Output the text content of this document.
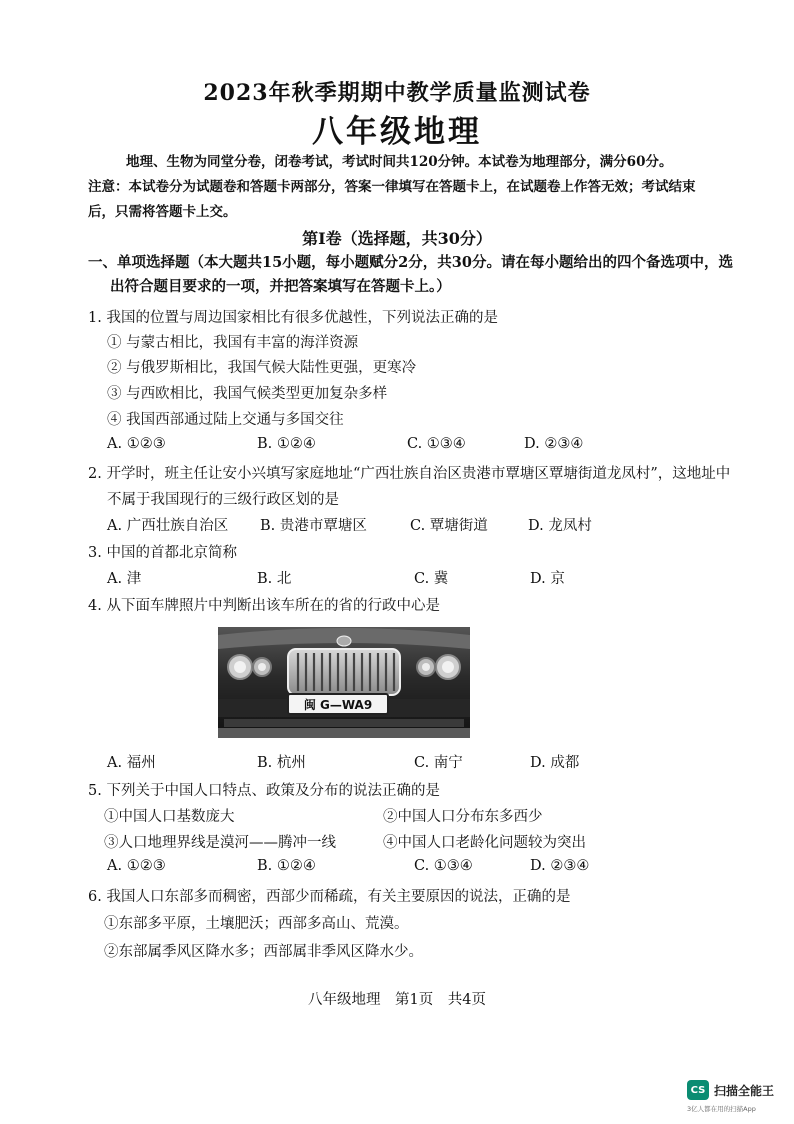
2023年秋季期期中教学质量监测试卷
八年级地理
地理、生物为同堂分卷，闭卷考试，考试时间共120分钟。本试卷为地理部分，满分60分。
注意：本试卷分为试题卷和答题卡两部分，答案一律填写在答题卡上，在试题卷上作答无效；考试结束
后，只需将答题卡上交。
第Ⅰ卷（选择题，共30分）
一、单项选择题（本大题共15小题，每小题赋分2分，共30分。请在每小题给出的四个备选项中，选
出符合题目要求的一项，并把答案填写在答题卡上。）
1. 我国的位置与周边国家相比有很多优越性，下列说法正确的是
① 与蒙古相比，我国有丰富的海洋资源
② 与俄罗斯相比，我国气候大陆性更强，更寒冷
③ 与西欧相比，我国气候类型更加复杂多样
④ 我国西部通过陆上交通与多国交往
A. ①②③	B. ①②④	C. ①③④	D. ②③④
2. 开学时，班主任让安小兴填写家庭地址“广西壮族自治区贵港市覃塘区覃塘街道龙凤村”，这地址中
不属于我国现行的三级行政区划的是
A. 广西壮族自治区 B. 贵港市覃塘区	C. 覃塘街道	D. 龙凤村
3. 中国的首都北京简称
A. 津	B. 北	C. 冀	D. 京
4. 从下面车牌照片中判断出该车所在的省的行政中心是
闽 G—WA9
A. 福州	B. 杭州	C. 南宁	D. 成都
5. 下列关于中国人口特点、政策及分布的说法正确的是
①中国人口基数庞大	②中国人口分布东多西少
③人口地理界线是漠河——腾冲一线	④中国人口老龄化问题较为突出
A. ①②③	B. ①②④	C. ①③④	D. ②③④
6. 我国人口东部多而稠密，西部少而稀疏，有关主要原因的说法，正确的是
①东部多平原，土壤肥沃；西部多高山、荒漠。
②东部属季风区降水多；西部属非季风区降水少。
八年级地理　第1页　共4页
CS 扫描全能王
3亿人都在用的扫描App
